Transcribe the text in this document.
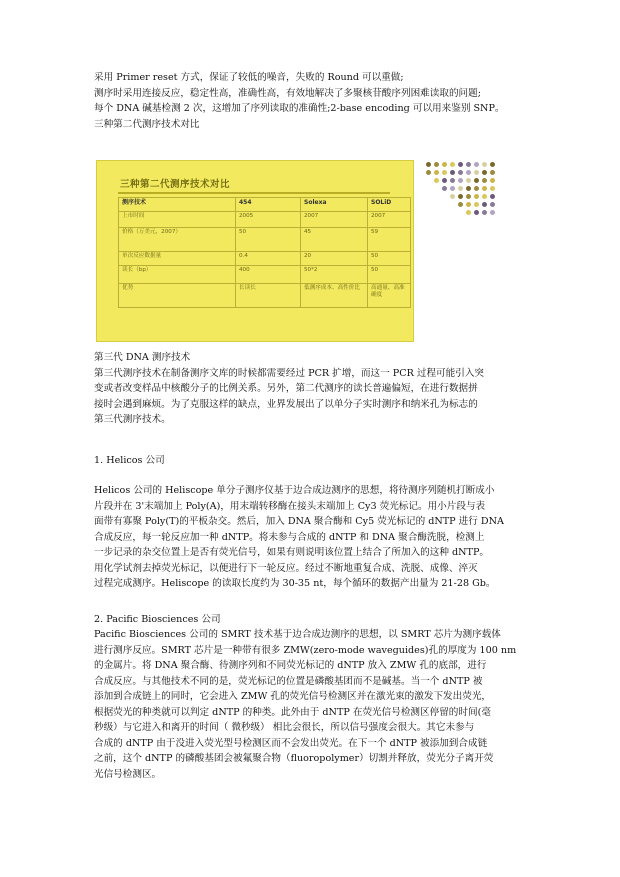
采用 Primer reset 方式，保证了较低的噪音，失败的 Round 可以重做;
测序时采用连接反应，稳定性高，准确性高，有效地解决了多聚核苷酸序列困难读取的问题;
每个 DNA 碱基检测 2 次，这增加了序列读取的准确性;2-base encoding 可以用来鉴别 SNP。
三种第二代测序技术对比
三种第二代测序技术对比
测序技术	454	Solexa	SOLiD
上市时间	2005	2007	2007
价格（万美元，2007）	50	45	59
单次反应数据量	0.4	20	50
读长（bp）	400	50*2	50
优势	长读长	低测序成本、高性价比	高通量、高准确度
第三代 DNA 测序技术
第三代测序技术在制备测序文库的时候都需要经过 PCR 扩增，而这一 PCR 过程可能引入突
变或者改变样品中核酸分子的比例关系。另外，第二代测序的读长普遍偏短，在进行数据拼
接时会遇到麻烦。为了克服这样的缺点，业界发展出了以单分子实时测序和纳米孔为标志的
第三代测序技术。
1. Helicos 公司
Helicos 公司的 Heliscope 单分子测序仪基于边合成边测序的思想，将待测序列随机打断成小
片段并在 3'末端加上 Poly(A)，用末端转移酶在接头末端加上 Cy3 荧光标记。用小片段与表
面带有寡聚 Poly(T)的平板杂交。然后，加入 DNA 聚合酶和 Cy5 荧光标记的 dNTP 进行 DNA
合成反应，每一轮反应加一种 dNTP。将未参与合成的 dNTP 和 DNA 聚合酶洗脱，检测上
一步记录的杂交位置上是否有荧光信号，如果有则说明该位置上结合了所加入的这种 dNTP。
用化学试剂去掉荧光标记，以便进行下一轮反应。经过不断地重复合成、洗脱、成像、淬灭
过程完成测序。Heliscope 的读取长度约为 30-35 nt，每个循环的数据产出量为 21-28 Gb。
2. Pacific Biosciences 公司
Pacific Biosciences 公司的 SMRT 技术基于边合成边测序的思想，以 SMRT 芯片为测序载体
进行测序反应。SMRT 芯片是一种带有很多 ZMW(zero-mode waveguides)孔的厚度为 100 nm
的金属片。将 DNA 聚合酶、待测序列和不同荧光标记的 dNTP 放入 ZMW 孔的底部，进行
合成反应。与其他技术不同的是，荧光标记的位置是磷酸基团而不是碱基。当一个 dNTP 被
添加到合成链上的同时，它会进入 ZMW 孔的荧光信号检测区并在激光束的激发下发出荧光，
根据荧光的种类就可以判定 dNTP 的种类。此外由于 dNTP 在荧光信号检测区停留的时间(毫
秒级）与它进入和离开的时间（ 微秒级） 相比会很长，所以信号强度会很大。其它未参与
合成的 dNTP 由于没进入荧光型号检测区而不会发出荧光。在下一个 dNTP 被添加到合成链
之前，这个 dNTP 的磷酸基团会被氟聚合物（fluoropolymer）切割并释放，荧光分子离开荧
光信号检测区。
